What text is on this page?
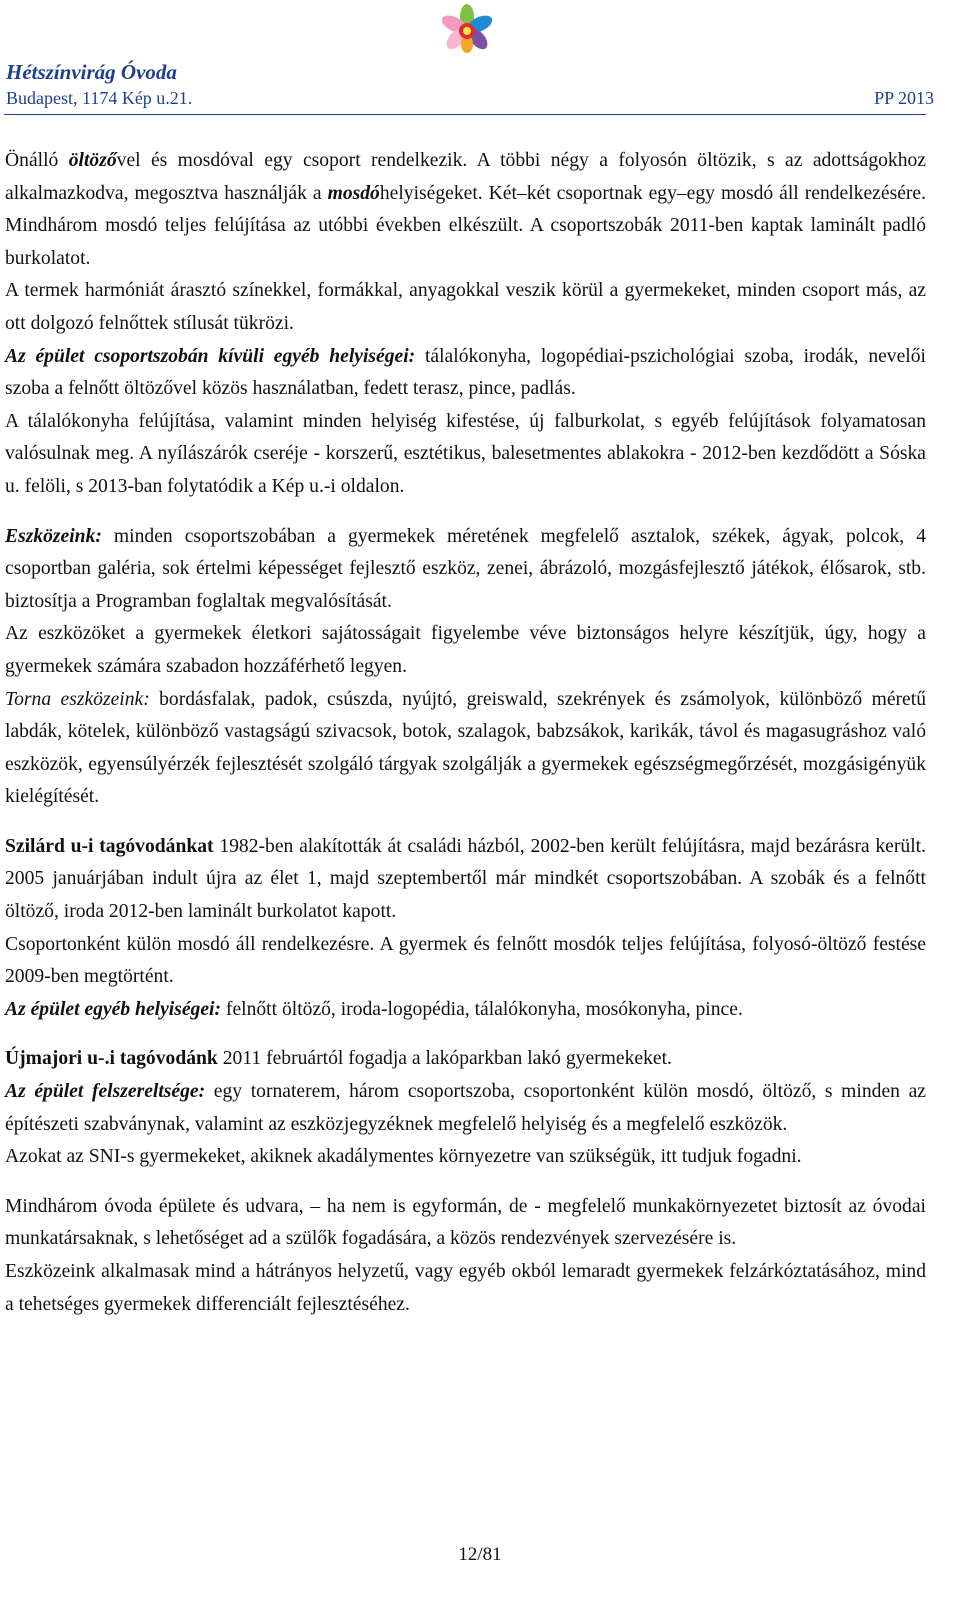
Hétszínvirág Óvoda
Budapest, 1174 Kép u.21.	PP 2013

Önálló öltözővel és mosdóval egy csoport rendelkezik. A többi négy a folyosón öltözik, s az adottságokhoz alkalmazkodva, megosztva használják a mosdóhelyiségeket. Két–két csoportnak egy–egy mosdó áll rendelkezésére. Mindhárom mosdó teljes felújítása az utóbbi években elkészült. A csoportszobák 2011-ben kaptak laminált padló burkolatot.

A termek harmóniát árasztó színekkel, formákkal, anyagokkal veszik körül a gyermekeket, minden csoport más, az ott dolgozó felnőttek stílusát tükrözi.

Az épület csoportszobán kívüli egyéb helyiségei: tálalókonyha, logopédiai-pszichológiai szoba, irodák, nevelői szoba a felnőtt öltözővel közös használatban, fedett terasz, pince, padlás.

A tálalókonyha felújítása, valamint minden helyiség kifestése, új falburkolat, s egyéb felújítások folyamatosan valósulnak meg. A nyílászárók cseréje - korszerű, esztétikus, balesetmentes ablakokra - 2012-ben kezdődött a Sóska u. felöli, s 2013-ban folytatódik a Kép u.-i oldalon.

Eszközeink: minden csoportszobában a gyermekek méretének megfelelő asztalok, székek, ágyak, polcok, 4 csoportban galéria, sok értelmi képességet fejlesztő eszköz, zenei, ábrázoló, mozgásfejlesztő játékok, élősarok, stb. biztosítja a Programban foglaltak megvalósítását.

Az eszközöket a gyermekek életkori sajátosságait figyelembe véve biztonságos helyre készítjük, úgy, hogy a gyermekek számára szabadon hozzáférhető legyen.

Torna eszközeink: bordásfalak, padok, csúszda, nyújtó, greiswald, szekrények és zsámolyok, különböző méretű labdák, kötelek, különböző vastagságú szivacsok, botok, szalagok, babzsákok, karikák, távol és magasugráshoz való eszközök, egyensúlyérzék fejlesztését szolgáló tárgyak szolgálják a gyermekek egészségmegőrzését, mozgásigényük kielégítését.

Szilárd u-i tagóvodánkat 1982-ben alakították át családi házból, 2002-ben került felújításra, majd bezárásra került. 2005 januárjában indult újra az élet 1, majd szeptembertől már mindkét csoportszobában. A szobák és a felnőtt öltöző, iroda 2012-ben laminált burkolatot kapott.

Csoportonként külön mosdó áll rendelkezésre. A gyermek és felnőtt mosdók teljes felújítása, folyosó-öltöző festése 2009-ben megtörtént.

Az épület egyéb helyiségei: felnőtt öltöző, iroda-logopédia, tálalókonyha, mosókonyha, pince.

Újmajori u-.i tagóvodánk 2011 februártól fogadja a lakóparkban lakó gyermekeket.

Az épület felszereltsége: egy tornaterem, három csoportszoba, csoportonként külön mosdó, öltöző, s minden az építészeti szabványnak, valamint az eszközjegyzéknek megfelelő helyiség és a megfelelő eszközök.

Azokat az SNI-s gyermekeket, akiknek akadálymentes környezetre van szükségük, itt tudjuk fogadni.

Mindhárom óvoda épülete és udvara, – ha nem is egyformán, de - megfelelő munkakörnyezetet biztosít az óvodai munkatársaknak, s lehetőséget ad a szülők fogadására, a közös rendezvények szervezésére is.

Eszközeink alkalmasak mind a hátrányos helyzetű, vagy egyéb okból lemaradt gyermekek felzárkóztatásához, mind a tehetséges gyermekek differenciált fejlesztéséhez.

12/81
